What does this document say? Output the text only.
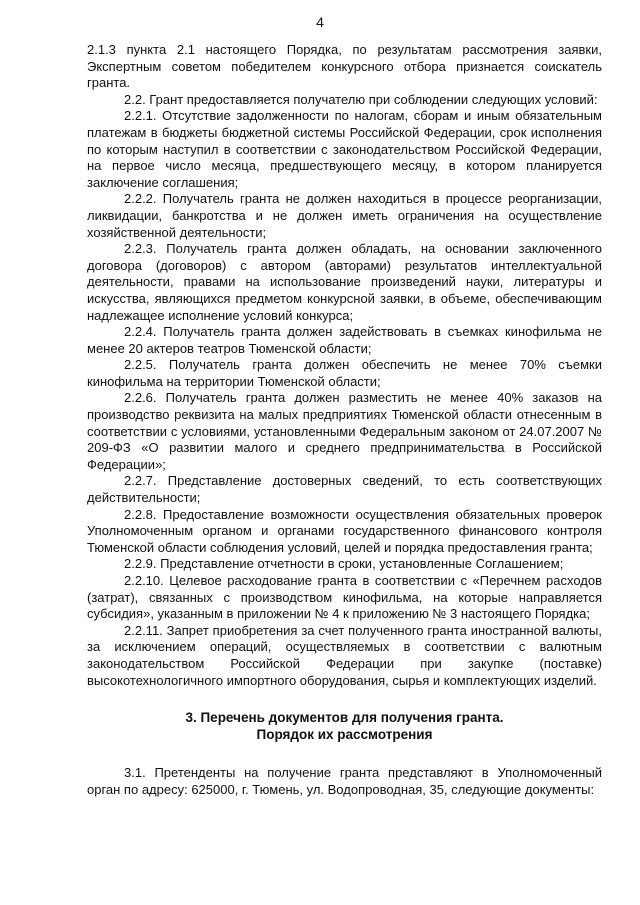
4

2.1.3 пункта 2.1 настоящего Порядка, по результатам рассмотрения заявки, Экспертным советом победителем конкурсного отбора признается соискатель гранта.

2.2. Грант предоставляется получателю при соблюдении следующих условий:

2.2.1. Отсутствие задолженности по налогам, сборам и иным обязательным платежам в бюджеты бюджетной системы Российской Федерации, срок исполнения по которым наступил в соответствии с законодательством Российской Федерации, на первое число месяца, предшествующего месяцу, в котором планируется заключение соглашения;

2.2.2. Получатель гранта не должен находиться в процессе реорганизации, ликвидации, банкротства и не должен иметь ограничения на осуществление хозяйственной деятельности;

2.2.3. Получатель гранта должен обладать, на основании заключенного договора (договоров) с автором (авторами) результатов интеллектуальной деятельности, правами на использование произведений науки, литературы и искусства, являющихся предметом конкурсной заявки, в объеме, обеспечивающим надлежащее исполнение условий конкурса;

2.2.4. Получатель гранта должен задействовать в съемках кинофильма не менее 20 актеров театров Тюменской области;

2.2.5. Получатель гранта должен обеспечить не менее 70% съемки кинофильма на территории Тюменской области;

2.2.6. Получатель гранта должен разместить не менее 40% заказов на производство реквизита на малых предприятиях Тюменской области отнесенным в соответствии с условиями, установленными Федеральным законом от 24.07.2007 № 209-ФЗ «О развитии малого и среднего предпринимательства в Российской Федерации»;

2.2.7. Представление достоверных сведений, то есть соответствующих действительности;

2.2.8. Предоставление возможности осуществления обязательных проверок Уполномоченным органом и органами государственного финансового контроля Тюменской области соблюдения условий, целей и порядка предоставления гранта;

2.2.9. Представление отчетности в сроки, установленные Соглашением;

2.2.10. Целевое расходование гранта в соответствии с «Перечнем расходов (затрат), связанных с производством кинофильма, на которые направляется субсидия», указанным в приложении № 4 к приложению № 3 настоящего Порядка;

2.2.11. Запрет приобретения за счет полученного гранта иностранной валюты, за исключением операций, осуществляемых в соответствии с валютным законодательством Российской Федерации при закупке (поставке) высокотехнологичного импортного оборудования, сырья и комплектующих изделий.

3. Перечень документов для получения гранта.

Порядок их рассмотрения

3.1. Претенденты на получение гранта представляют в Уполномоченный орган по адресу: 625000, г. Тюмень, ул. Водопроводная, 35, следующие документы:
